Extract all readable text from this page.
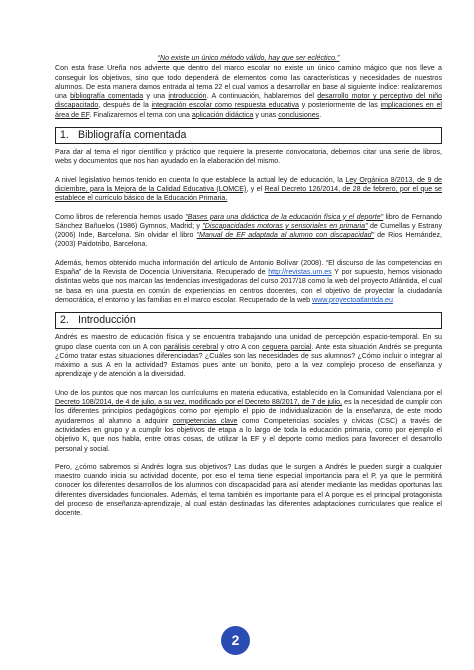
“No existe un único método válido, hay que ser ecléctico.”

Con esta frase Ureña nos advierte que dentro del marco escolar no existe un único camino mágico que nos lleve a conseguir los objetivos, sino que todo dependerá de elementos como las características y necesidades de nuestros alumnos. De esta manera damos entrada al tema 22 el cual vamos a desarrollar en base al siguiente índice: realizaremos una bibliografía comentada y una introducción. A continuación, hablaremos del desarrollo motor y perceptivo del niño discapacitado, después de la integración escolar como respuesta educativa y posteriormente de las implicaciones en el área de EF. Finalizaremos el tema con una aplicación didáctica y unas conclusiones.

1. Bibliografía comentada

Para dar al tema el rigor científico y práctico que requiere la presente convocatoria, debemos citar una serie de libros, webs y documentos que nos han ayudado en la elaboración del mismo.

A nivel legislativo hemos tenido en cuenta lo que establece la actual ley de educación, la Ley Orgánica 8/2013, de 9 de diciembre, para la Mejora de la Calidad Educativa (LOMCE), y el Real Decreto 126/2014, de 28 de febrero, por el que se establece el currículo básico de la Educación Primaria.

Como libros de referencia hemos usado "Bases para una didáctica de la educación física y el deporte" libro de Fernando Sánchez Bañuelos (1986) Gymnos, Madrid; y "Discapacidades motoras y sensoriales en primaria" de Cumellas y Estrany (2006) Inde, Barcelona. Sin olvidar el libro "Manual de EF adaptada al alumno con discapacidad" de Rios Hernández, (2003) Paidotribo, Barcelona.

Además, hemos obtenido mucha información del artículo de Antonio Bolívar (2008). “El discurso de las competencias en España” de la Revista de Docencia Universitaria. Recuperado de http://revistas.um.es Y por supuesto, hemos visionado distintas webs que nos marcan las tendencias investigadoras del curso 2017/18 como la web del proyecto Atlántida, el cual se basa en una puesta en común de experiencias en centros docentes, con el objetivo de proyectar la ciudadanía democrática, el entorno y las familias en el marco escolar. Recuperado de la web www.proyectoatlantida.eu

2. Introducción

Andrés es maestro de educación física y se encuentra trabajando una unidad de percepción espacio-temporal. En su grupo clase cuenta con un A con parálisis cerebral y otro A con ceguera parcial. Ante esta situación Andrés se pregunta ¿Cómo tratar estas situaciones diferenciadas? ¿Cuáles son las necesidades de sus alumnos? ¿Cómo incluir o integrar al máximo a sus A en la actividad? Estamos pues ante un bonito, pero a la vez complejo proceso de enseñanza y aprendizaje y de atención a la diversidad.

Uno de los puntos que nos marcan los currículums en materia educativa, establecido en la Comunidad Valenciana por el Decreto 108/2014, de 4 de julio, a su vez, modificado por el Decreto 88/2017, de 7 de julio, es la necesidad de cumplir con los diferentes principios pedagógicos como por ejemplo el ppio de individualización de la enseñanza, de este modo ayudaremos al alumno a adquirir competencias clave como Competencias sociales y cívicas (CSC) a través de actividades en grupo y a cumplir los objetivos de etapa a lo largo de toda la educación primaria, como por ejemplo el objetivo K, que nos habla, entre otras cosas, de utilizar la EF y el deporte como medios para favorecer el desarrollo personal y social.

Pero, ¿cómo sabremos si Andrés logra sus objetivos? Las dudas que le surgen a Andrés le pueden surgir a cualquier maestro cuando inicia su actividad docente, por eso el tema tiene especial importancia para el P, ya que le permitirá conocer los diferentes desarrollos de los alumnos con discapacidad para así atender mediante las medidas oportunas las diferentes diversidades funcionales. Además, el tema también es importante para el A porque es el principal protagonista del proceso de enseñanza-aprendizaje, al cual están destinadas las diferentes adaptaciones curriculares que realice el docente.

2
